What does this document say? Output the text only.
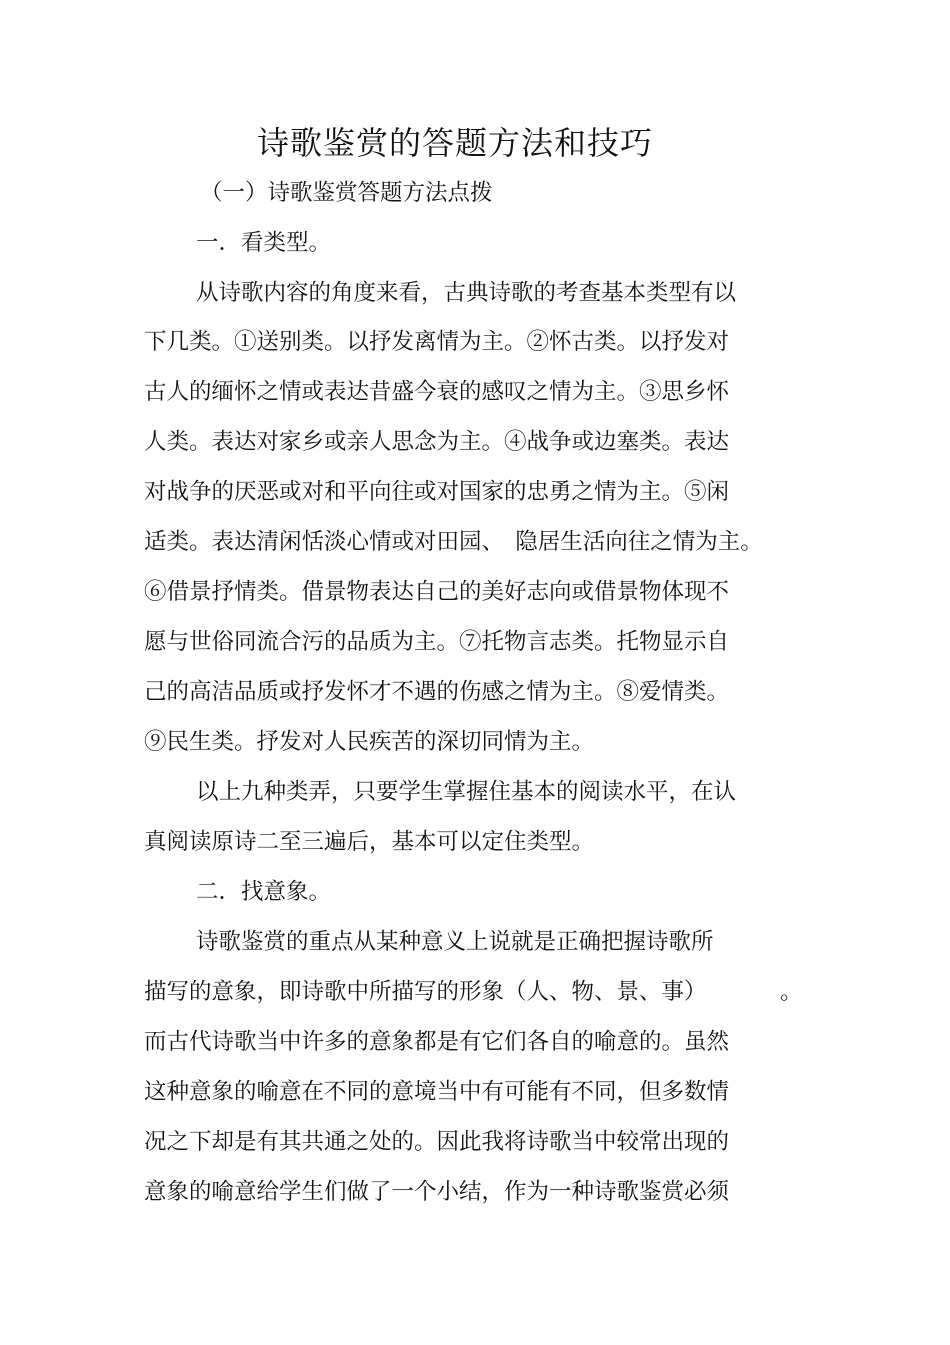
诗歌鉴赏的答题方法和技巧
（一）诗歌鉴赏答题方法点拨
一．看类型。
从诗歌内容的角度来看，古典诗歌的考查基本类型有以
下几类。①送别类。以抒发离情为主。②怀古类。以抒发对
古人的缅怀之情或表达昔盛今衰的感叹之情为主。③思乡怀
人类。表达对家乡或亲人思念为主。④战争或边塞类。表达
对战争的厌恶或对和平向往或对国家的忠勇之情为主。⑤闲
适类。表达清闲恬淡心情或对田园、　隐居生活向往之情为主。
⑥借景抒情类。借景物表达自己的美好志向或借景物体现不
愿与世俗同流合污的品质为主。⑦托物言志类。托物显示自
己的高洁品质或抒发怀才不遇的伤感之情为主。⑧爱情类。
⑨民生类。抒发对人民疾苦的深切同情为主。
以上九种类弄，只要学生掌握住基本的阅读水平，在认
真阅读原诗二至三遍后，基本可以定住类型。
二．找意象。
诗歌鉴赏的重点从某种意义上说就是正确把握诗歌所
描写的意象，即诗歌中所描写的形象（人、物、景、事）	。
而古代诗歌当中许多的意象都是有它们各自的喻意的。虽然
这种意象的喻意在不同的意境当中有可能有不同，但多数情
况之下却是有其共通之处的。因此我将诗歌当中较常出现的
意象的喻意给学生们做了一个小结，作为一种诗歌鉴赏必须
